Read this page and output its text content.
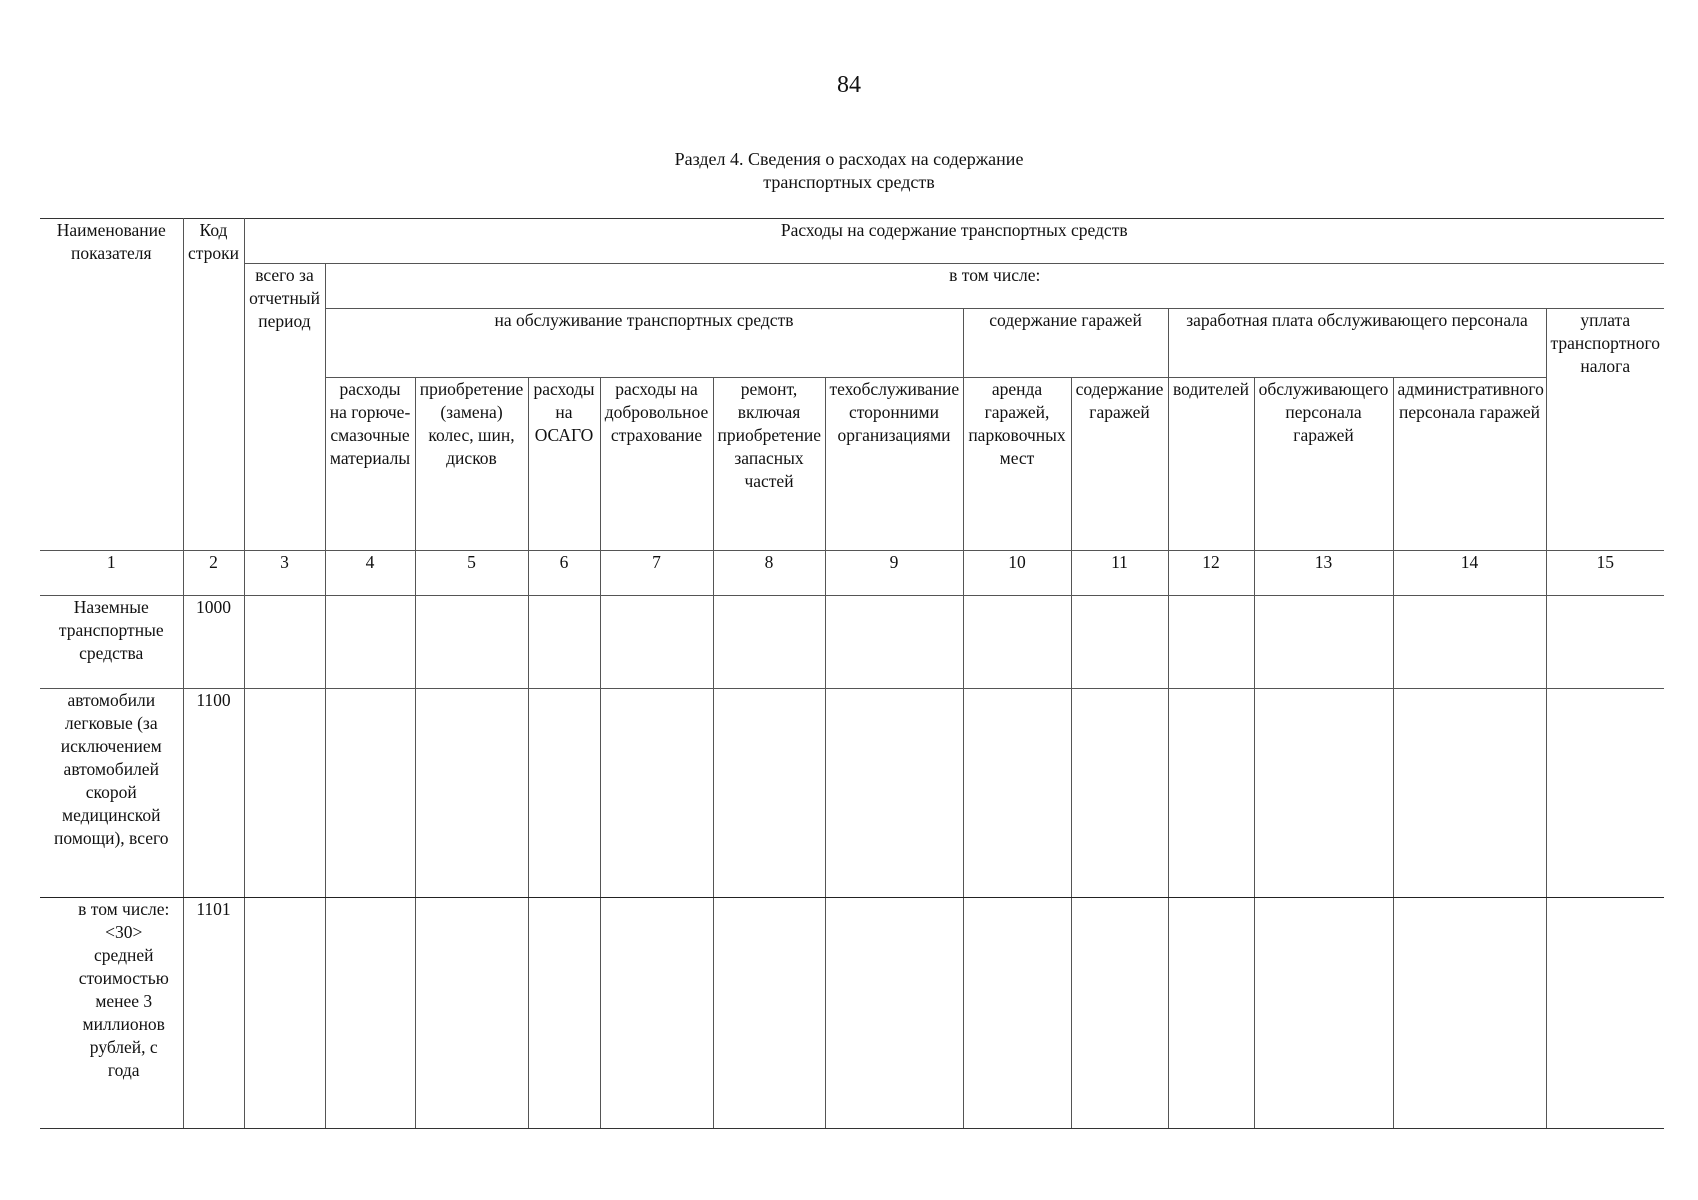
84
Раздел 4. Сведения о расходах на содержание
транспортных средств
Наименование показателя	Код строки	Расходы на содержание транспортных средств												
		всего за отчетный период	в том числе:											
			на обслуживание транспортных средств						содержание гаражей		заработная плата обслуживающего персонала			уплата транспортного налога
			расходы на горюче-смазочные материалы	приобретение (замена) колес, шин, дисков	расходы на ОСАГО	расходы на добровольное страхование	ремонт, включая приобретение запасных частей	техобслуживание сторонними организациями	аренда гаражей, парковочных мест	содержание гаражей	водителей	обслуживающего персонала гаражей	административного персонала гаражей	
1	2	3	4	5	6	7	8	9	10	11	12	13	14	15
Наземные транспортные средства	1000													
автомобили легковые (за исключением автомобилей скорой медицинской помощи), всего	1100													
в том числе: <30> средней стоимостью менее 3 миллионов рублей, с года	1101													
